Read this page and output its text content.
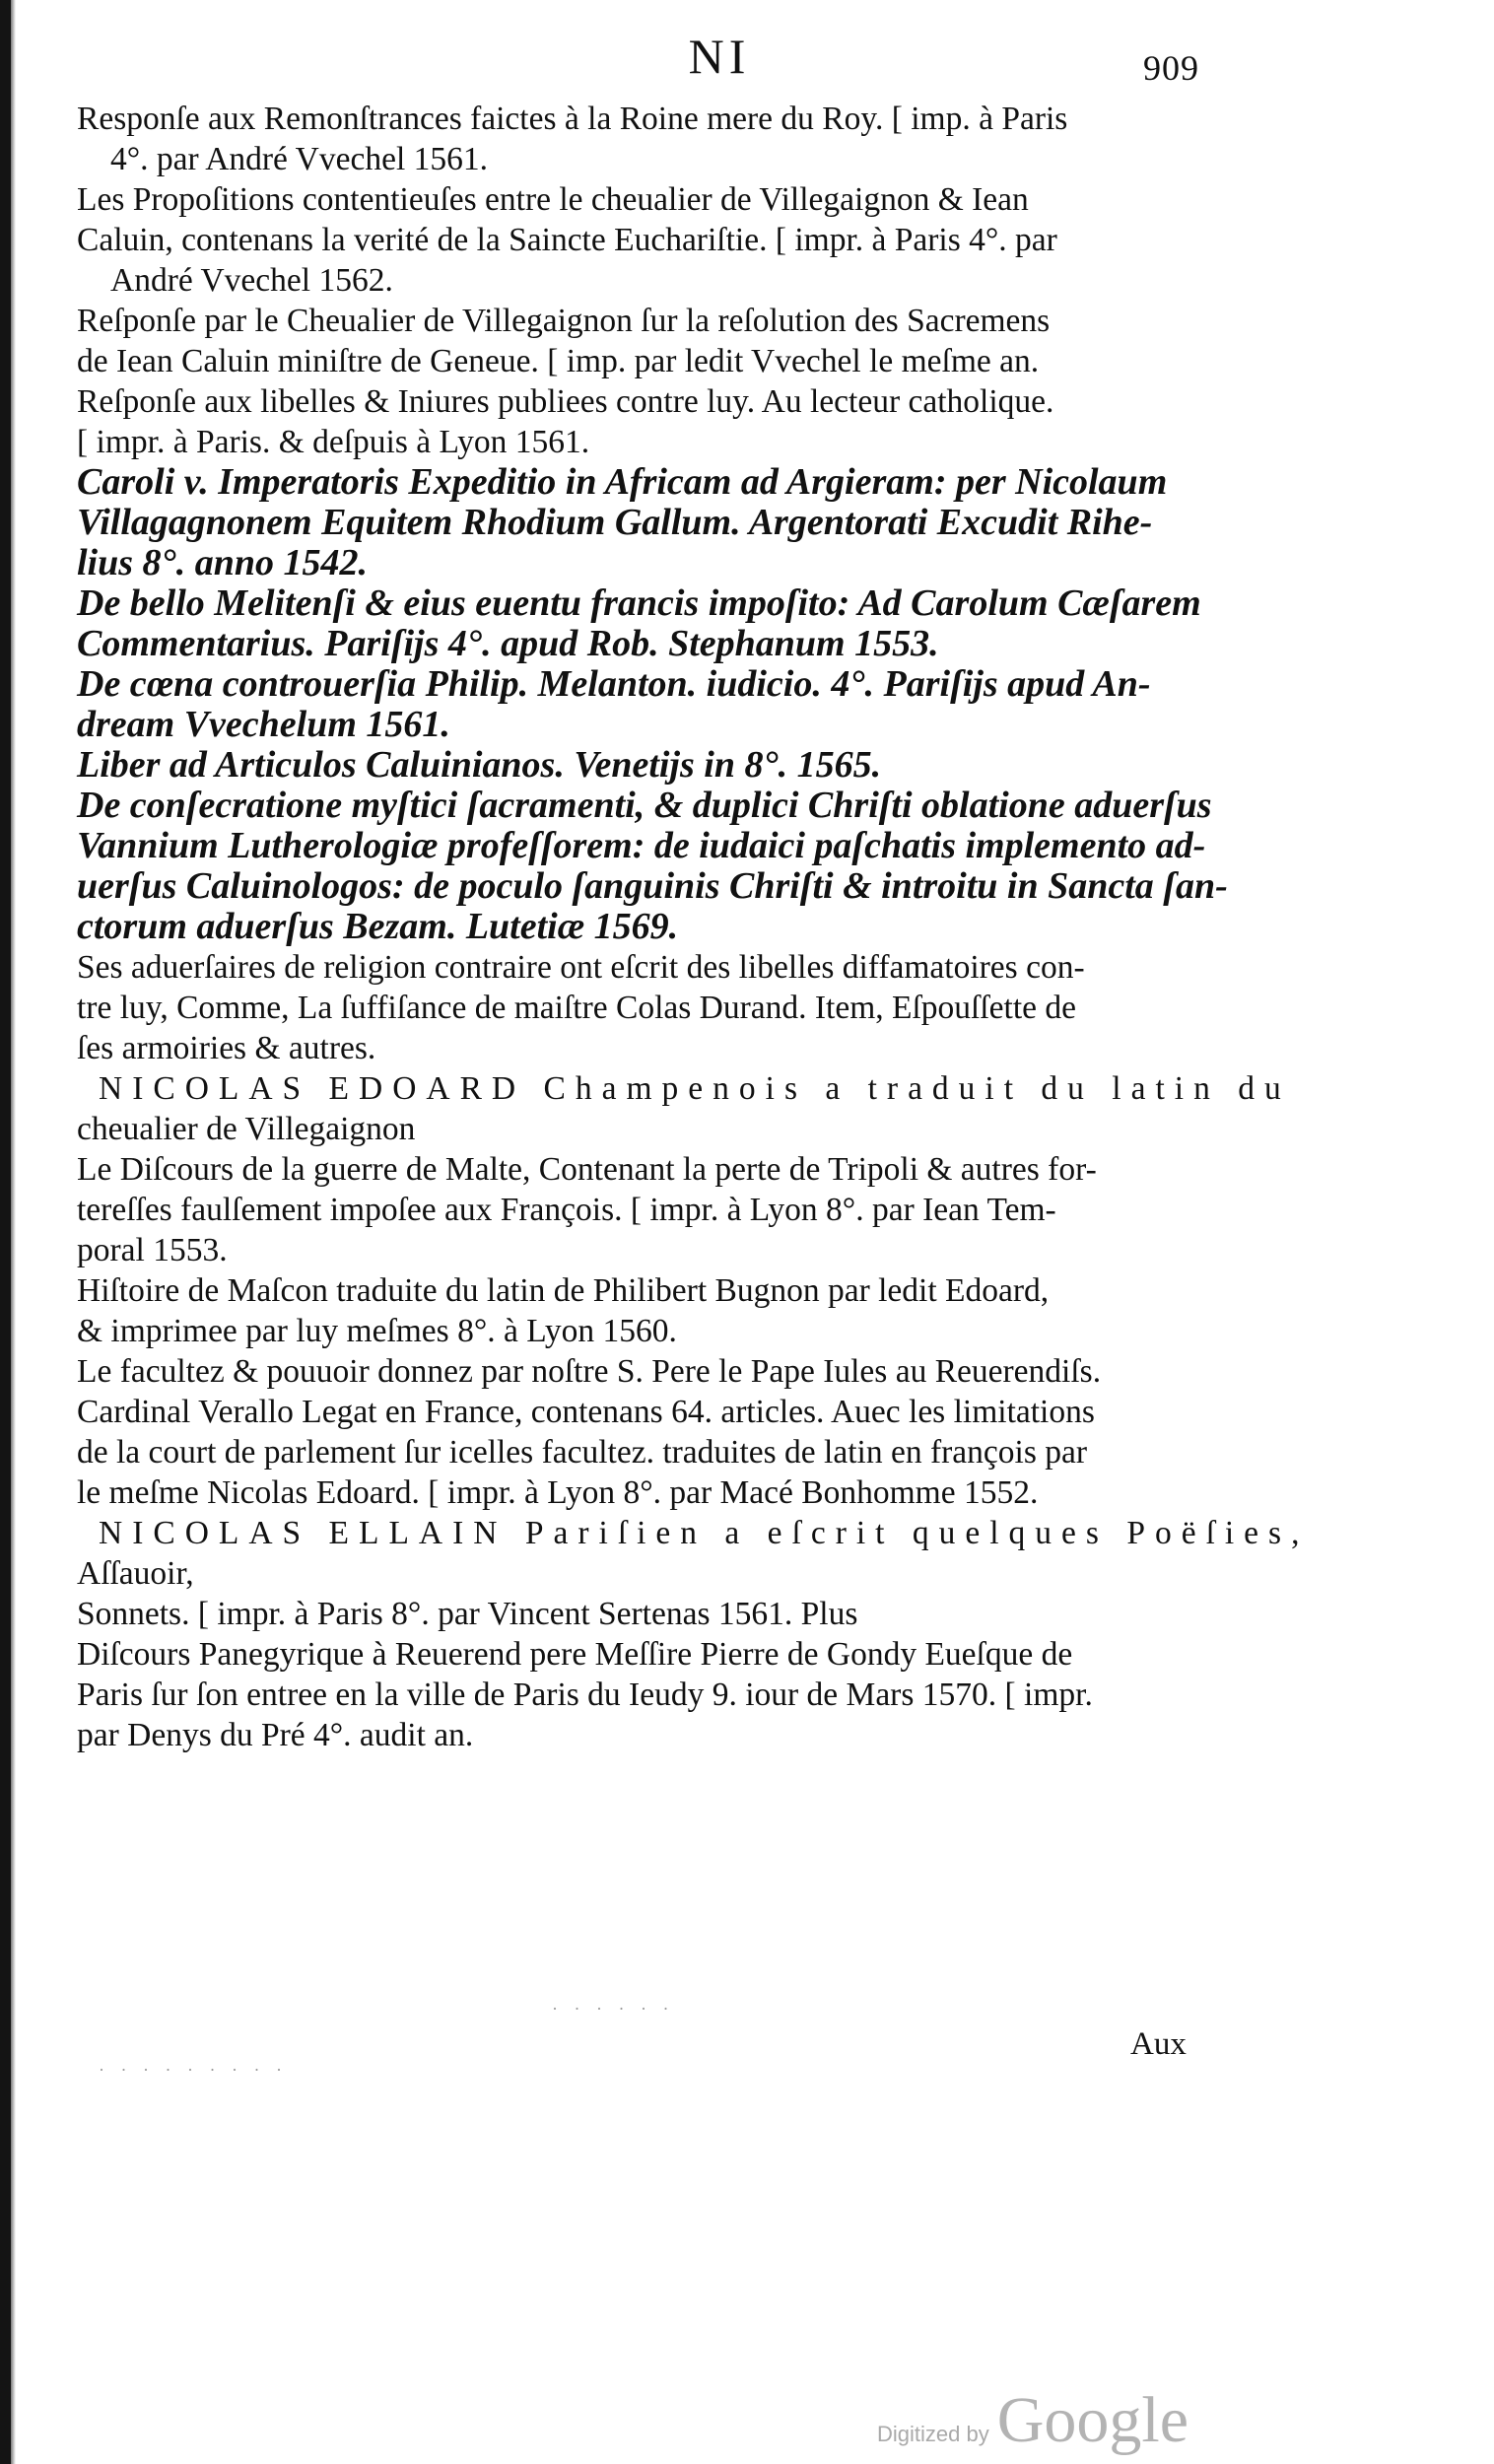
NI	909
Responſe aux Remonſtrances faictes à la Roine mere du Roy. [ imp. à Paris
4°. par André Vvechel 1561.
Les Propoſitions contentieuſes entre le cheualier de Villegaignon & Iean
Caluin, contenans la verité de la Saincte Euchariſtie. [ impr. à Paris 4°. par
André Vvechel 1562.
Reſponſe par le Cheualier de Villegaignon ſur la reſolution des Sacremens
de Iean Caluin miniſtre de Geneue. [ imp. par ledit Vvechel le meſme an.
Reſponſe aux libelles & Iniures publiees contre luy. Au lecteur catholique.
[ impr. à Paris. & deſpuis à Lyon 1561.
Caroli v. Imperatoris Expeditio in Africam ad Argieram: per Nicolaum
Villagagnonem Equitem Rhodium Gallum. Argentorati Excudit Rihe-
lius 8°. anno 1542.
De bello Melitenſi & eius euentu francis impoſito: Ad Carolum Cæſarem
Commentarius. Pariſijs 4°. apud Rob. Stephanum 1553.
De cœna controuerſia Philip. Melanton. iudicio. 4°. Pariſijs apud An-
dream Vvechelum 1561.
Liber ad Articulos Caluinianos. Venetijs in 8°. 1565.
De conſecratione myſtici ſacramenti, & duplici Chriſti oblatione aduerſus
Vannium Lutherologiæ profeſſorem: de iudaici paſchatis implemento ad-
uerſus Caluinologos: de poculo ſanguinis Chriſti & introitu in Sancta ſan-
ctorum aduerſus Bezam. Lutetiæ 1569.
Ses aduerſaires de religion contraire ont eſcrit des libelles diffamatoires con-
tre luy, Comme, La ſuffiſance de maiſtre Colas Durand. Item, Eſpouſſette de
ſes armoiries & autres.
NICOLAS EDOARD Champenois a traduit du latin du
cheualier de Villegaignon
Le Diſcours de la guerre de Malte, Contenant la perte de Tripoli & autres for-
tereſſes faulſement impoſee aux François. [ impr. à Lyon 8°. par Iean Tem-
poral 1553.
Hiſtoire de Maſcon traduite du latin de Philibert Bugnon par ledit Edoard,
& imprimee par luy meſmes 8°. à Lyon 1560.
Le facultez & pouuoir donnez par noſtre S. Pere le Pape Iules au Reuerendiſs.
Cardinal Verallo Legat en France, contenans 64. articles. Auec les limitations
de la court de parlement ſur icelles facultez. traduites de latin en françois par
le meſme Nicolas Edoard. [ impr. à Lyon 8°. par Macé Bonhomme 1552.
NICOLAS ELLAIN Pariſien a eſcrit quelques Poëſies,
Aſſauoir,
Sonnets. [ impr. à Paris 8°. par Vincent Sertenas 1561. Plus
Diſcours Panegyrique à Reuerend pere Meſſire Pierre de Gondy Eueſque de
Paris ſur ſon entree en la ville de Paris du Ieudy 9. iour de Mars 1570. [ impr.
par Denys du Pré 4°. audit an.
Aux
· · · · · ·
· · · · · · · · ·
Digitized by Google
